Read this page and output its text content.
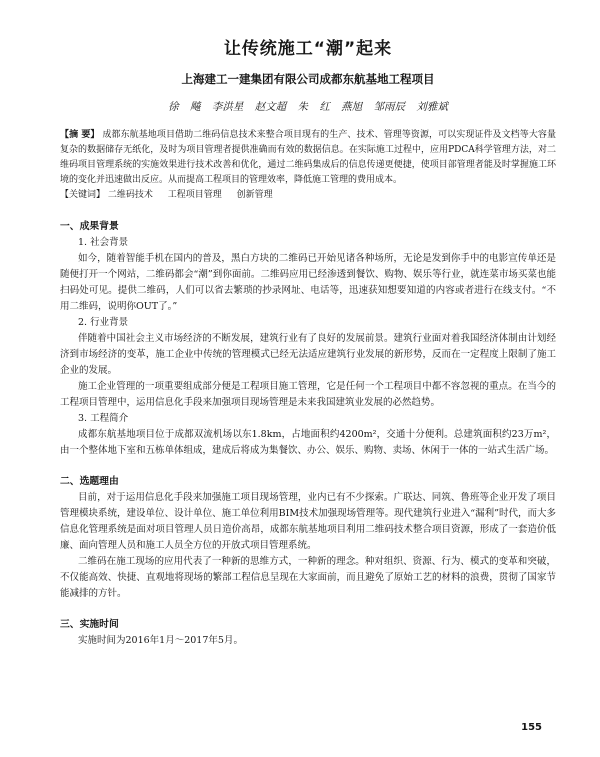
让传统施工“潮”起来
上海建工一建集团有限公司成都东航基地工程项目
徐 飚 李洪星 赵文超 朱 红 燕旭 邹雨辰 刘雅斌

【摘 要】 成都东航基地项目借助二维码信息技术来整合项目现有的生产、技术、管理等资源，可以实现证件及文档等大容量复杂的数据储存无纸化，及时为项目管理者提供准确而有效的数据信息。在实际施工过程中，应用PDCA科学管理方法，对二维码项目管理系统的实施效果进行技术改善和优化，通过二维码集成后的信息传递更便捷，使项目部管理者能及时掌握施工环境的变化并迅速做出反应。从而提高工程项目的管理效率，降低施工管理的费用成本。

【关键词】 二维码技术 工程项目管理 创新管理

一、成果背景
1. 社会背景

如今，随着智能手机在国内的普及，黑白方块的二维码已开始见诸各种场所，无论是发到你手中的电影宣传单还是随便打开一个网站，二维码都会“潮”到你面前。二维码应用已经渗透到餐饮、购物、娱乐等行业，就连菜市场买菜也能扫码处可见。提供二维码，人们可以省去繁琐的抄录网址、电话等，迅速获知想要知道的内容或者进行在线支付。“不用二维码，说明你OUT了。”

2. 行业背景

伴随着中国社会主义市场经济的不断发展，建筑行业有了良好的发展前景。建筑行业面对着我国经济体制由计划经济到市场经济的变革，施工企业中传统的管理模式已经无法适应建筑行业发展的新形势，反而在一定程度上限制了施工企业的发展。

施工企业管理的一项重要组成部分便是工程项目施工管理，它是任何一个工程项目中都不容忽视的重点。在当今的工程项目管理中，运用信息化手段来加强项目现场管理是未来我国建筑业发展的必然趋势。

3. 工程简介

成都东航基地项目位于成都双流机场以东1.8km，占地面积约4200m²，交通十分便利。总建筑面积约23万m²，由一个整体地下室和五栋单体组成，建成后将成为集餐饮、办公、娱乐、购物、卖场、休闲于一体的一站式生活广场。

二、选题理由

目前，对于运用信息化手段来加强施工项目现场管理，业内已有不少探索。广联达、同筑、鲁班等企业开发了项目管理模块系统，建设单位、设计单位、施工单位利用BIM技术加强现场管理等。现代建筑行业进入“漏利”时代，而大多信息化管理系统是面对项目管理人员日造价高昂，成都东航基地项目利用二维码技术整合项目资源，形成了一套造价低廉、面向管理人员和施工人员全方位的开放式项目管理系统。

二维码在施工现场的应用代表了一种新的思维方式，一种新的理念。种对组织、资源、行为、模式的变革和突破，不仅能高效、快捷、直观地将现场的繁部工程信息呈现在大家面前，而且避免了原始工艺的材料的浪费，贯彻了国家节能减排的方针。

三、实施时间

实施时间为2016年1月～2017年5月。

155
